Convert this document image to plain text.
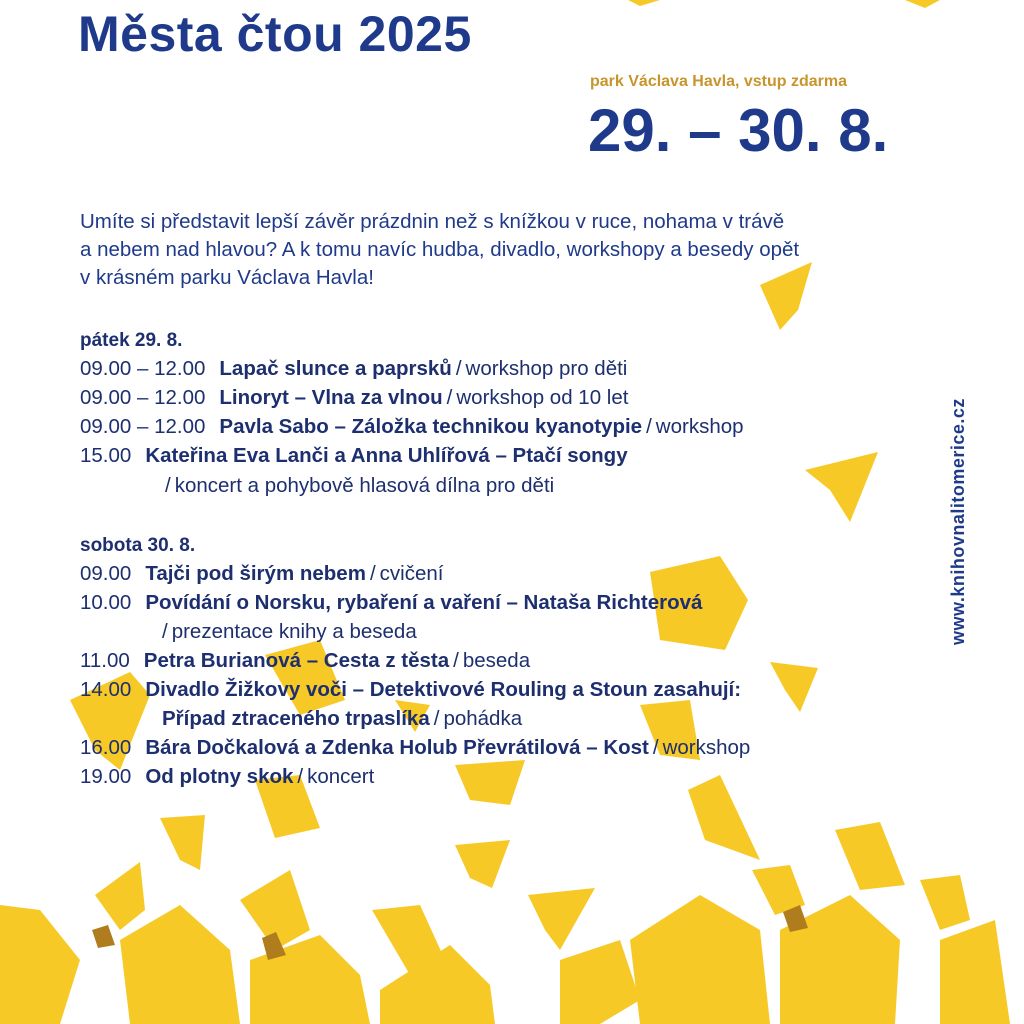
Města čtou 2025
park Václava Havla, vstup zdarma
29. – 30. 8.

Umíte si představit lepší závěr prázdnin než s knížkou v ruce, nohama v trávě
a nebem nad hlavou? A k tomu navíc hudba, divadlo, workshopy a besedy opět
v krásném parku Václava Havla!

pátek 29. 8.
09.00 – 12.00 Lapač slunce a paprsků / workshop pro děti
09.00 – 12.00 Linoryt – Vlna za vlnou / workshop od 10 let
09.00 – 12.00 Pavla Sabo – Záložka technikou kyanotypie / workshop
15.00 Kateřina Eva Lanči a Anna Uhlířová – Ptačí songy
/ koncert a pohybově hlasová dílna pro děti
sobota 30. 8.
09.00 Tajči pod širým nebem / cvičení
10.00 Povídání o Norsku, rybaření a vaření – Nataša Richterová
/ prezentace knihy a beseda
11.00 Petra Burianová – Cesta z těsta / beseda
14.00 Divadlo Žižkovy voči – Detektivové Rouling a Stoun zasahují:
Případ ztraceného trpaslíka / pohádka
16.00 Bára Dočkalová a Zdenka Holub Převrátilová – Kost / workshop
19.00 Od plotny skok / koncert
www.knihovnalitomerice.cz
